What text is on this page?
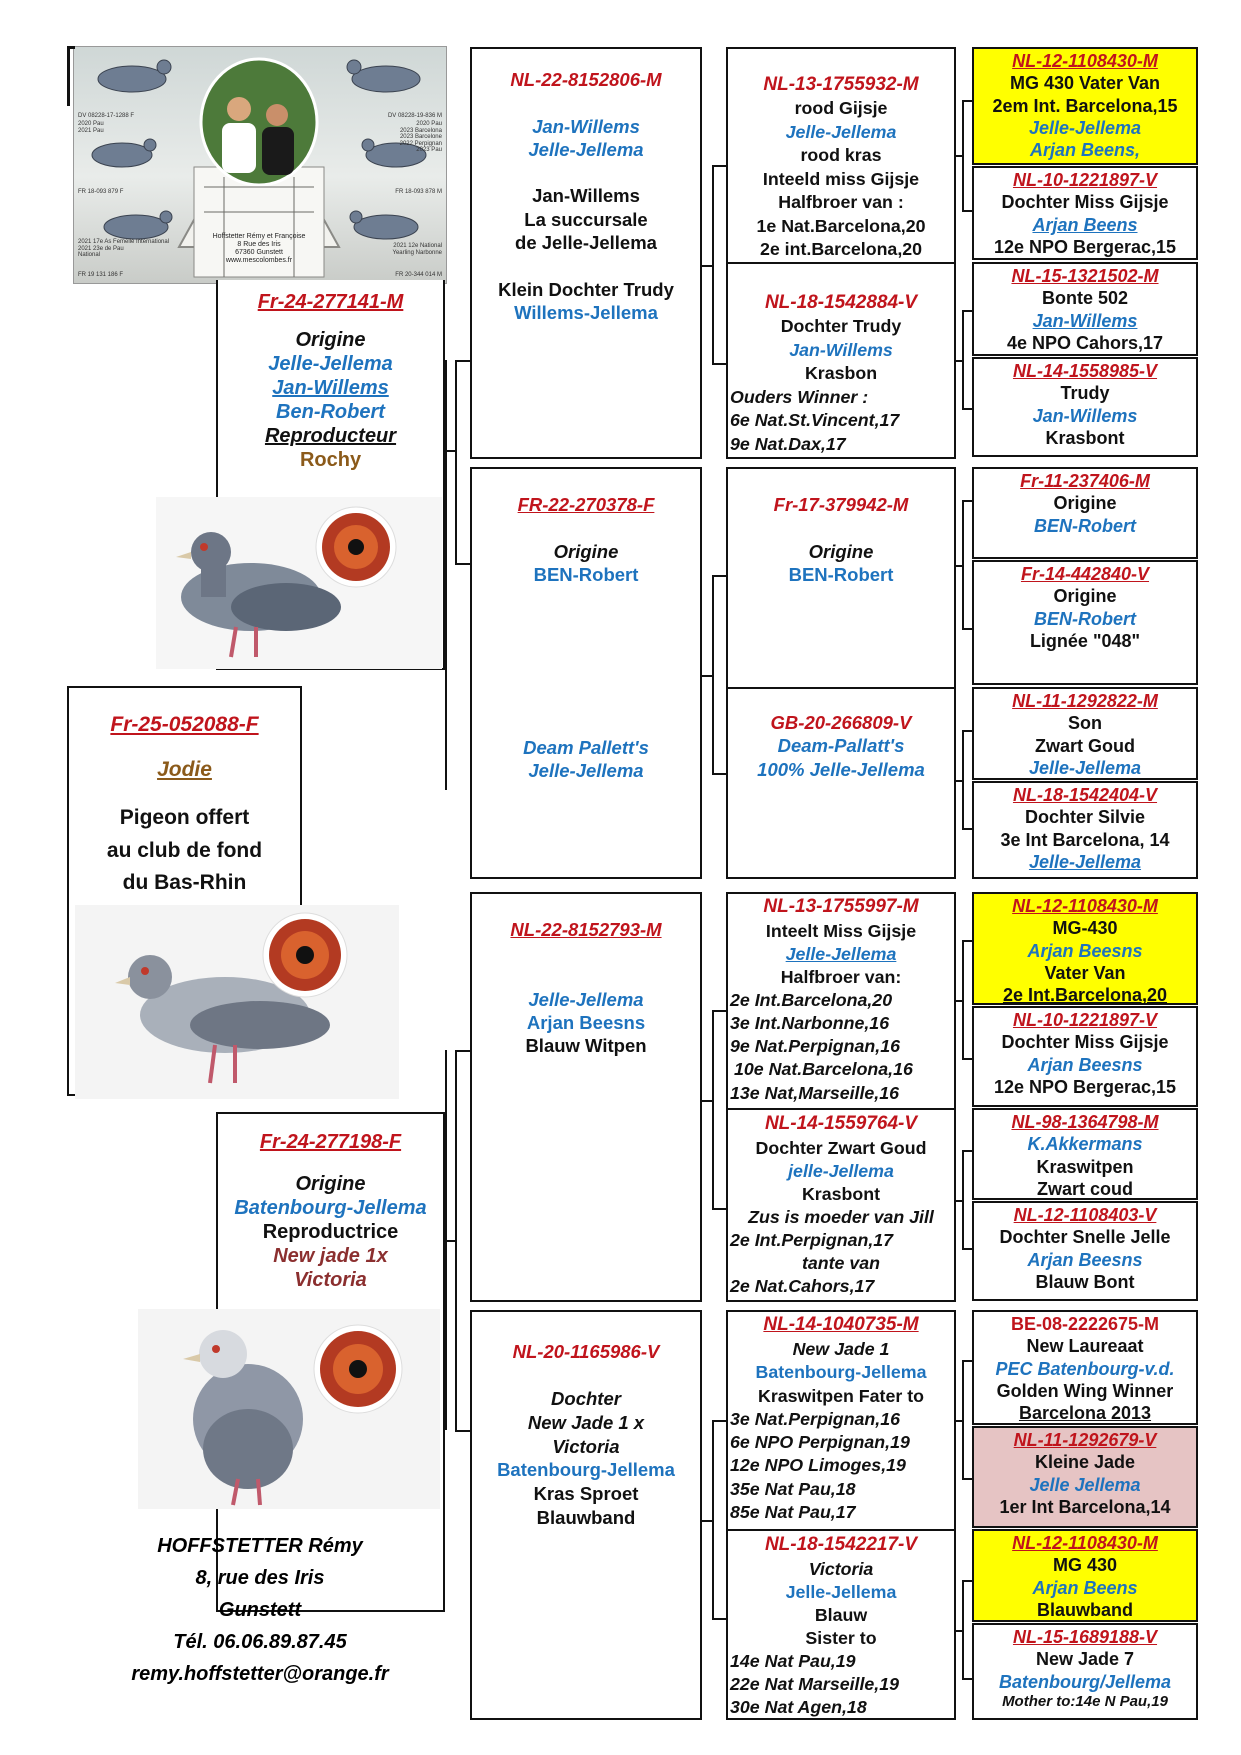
DV 08228-17-1288 F	DV 08228-19-836 M
FR 18-093 879 F	FR 18-093 878 M
FR 19 131 186 F	FR 20-344 014 M
2020 Pau
2021 Pau
2020 Pau
2023 Barcelona
2023 Barcelone
2022 Perpignan
2023 Pau
2021 17e As Femelle International
2021 23e de Pau
National
2021 12e National
Yearling Narbonne
Hoffstetter Rémy et Françoise
8 Rue des Iris
67360 Gunstett
www.mescolombes.fr
Fr-24-277141-M
Origine
Jelle-Jellema
Jan-Willems
Ben-Robert
Reproducteur
Rochy
Fr-25-052088-F
Jodie
Pigeon offert
au club de fond
du Bas-Rhin
Fr-24-277198-F
Origine
Batenbourg-Jellema
Reproductrice
New jade 1x
Victoria
HOFFSTETTER Rémy
8, rue des Iris
Gunstett
Tél. 06.06.89.87.45
remy.hoffstetter@orange.fr
NL-22-8152806-M

Jan-Willems
Jelle-Jellema

Jan-Willems
La succursale
de Jelle-Jellema

Klein Dochter Trudy
Willems-Jellema
FR-22-270378-F

Origine
BEN-Robert
Deam Pallett's
Jelle-Jellema
NL-22-8152793-M

Jelle-Jellema
Arjan Beesns
Blauw Witpen
NL-20-1165986-V

Dochter
New Jade 1 x
Victoria
Batenbourg-Jellema
Kras Sproet
Blauwband
NL-13-1755932-M
rood Gijsje
Jelle-Jellema
rood kras
Inteeld miss Gijsje
Halfbroer van :
1e Nat.Barcelona,20
2e int.Barcelona,20
NL-18-1542884-V
Dochter Trudy
Jan-Willems
Krasbon
Ouders Winner :
6e Nat.St.Vincent,17
9e Nat.Dax,17
Fr-17-379942-M

Origine
BEN-Robert
GB-20-266809-V
Deam-Pallatt's
100% Jelle-Jellema
NL-13-1755997-M
Inteelt Miss Gijsje
Jelle-Jellema
Halfbroer van:
2e Int.Barcelona,20
3e Int.Narbonne,16
9e Nat.Perpignan,16
10e Nat.Barcelona,16
13e Nat,Marseille,16
NL-14-1559764-V
Dochter Zwart Goud
jelle-Jellema
Krasbont
Zus is moeder van Jill
2e Int.Perpignan,17
tante van
2e Nat.Cahors,17
NL-14-1040735-M
New Jade 1
Batenbourg-Jellema
Kraswitpen Fater to
3e Nat.Perpignan,16
6e NPO Perpignan,19
12e NPO Limoges,19
35e Nat Pau,18
85e Nat Pau,17
NL-18-1542217-V
Victoria
Jelle-Jellema
Blauw
Sister to
14e Nat Pau,19
22e Nat Marseille,19
30e Nat Agen,18
NL-12-1108430-M
MG 430 Vater Van
2em Int. Barcelona,15
Jelle-Jellema
Arjan Beens,
NL-10-1221897-V
Dochter Miss Gijsje
Arjan Beens
12e NPO Bergerac,15
NL-15-1321502-M
Bonte 502
Jan-Willems
4e NPO Cahors,17
NL-14-1558985-V
Trudy
Jan-Willems
Krasbont
Fr-11-237406-M
Origine
BEN-Robert
Fr-14-442840-V
Origine
BEN-Robert
Lignée "048"
NL-11-1292822-M
Son
Zwart Goud
Jelle-Jellema
NL-18-1542404-V
Dochter Silvie
3e Int Barcelona, 14
Jelle-Jellema
NL-12-1108430-M
MG-430
Arjan Beesns
Vater Van
2e Int.Barcelona,20
NL-10-1221897-V
Dochter Miss Gijsje
Arjan Beesns
12e NPO Bergerac,15
NL-98-1364798-M
K.Akkermans
Kraswitpen
Zwart coud
NL-12-1108403-V
Dochter Snelle Jelle
Arjan Beesns
Blauw Bont
BE-08-2222675-M
New Laureaat
PEC Batenbourg-v.d.
Golden Wing Winner
Barcelona 2013
NL-11-1292679-V
Kleine Jade
Jelle Jellema
1er Int Barcelona,14
NL-12-1108430-M
MG 430
Arjan Beens
Blauwband
NL-15-1689188-V
New Jade 7
Batenbourg/Jellema
Mother to:14e N Pau,19
